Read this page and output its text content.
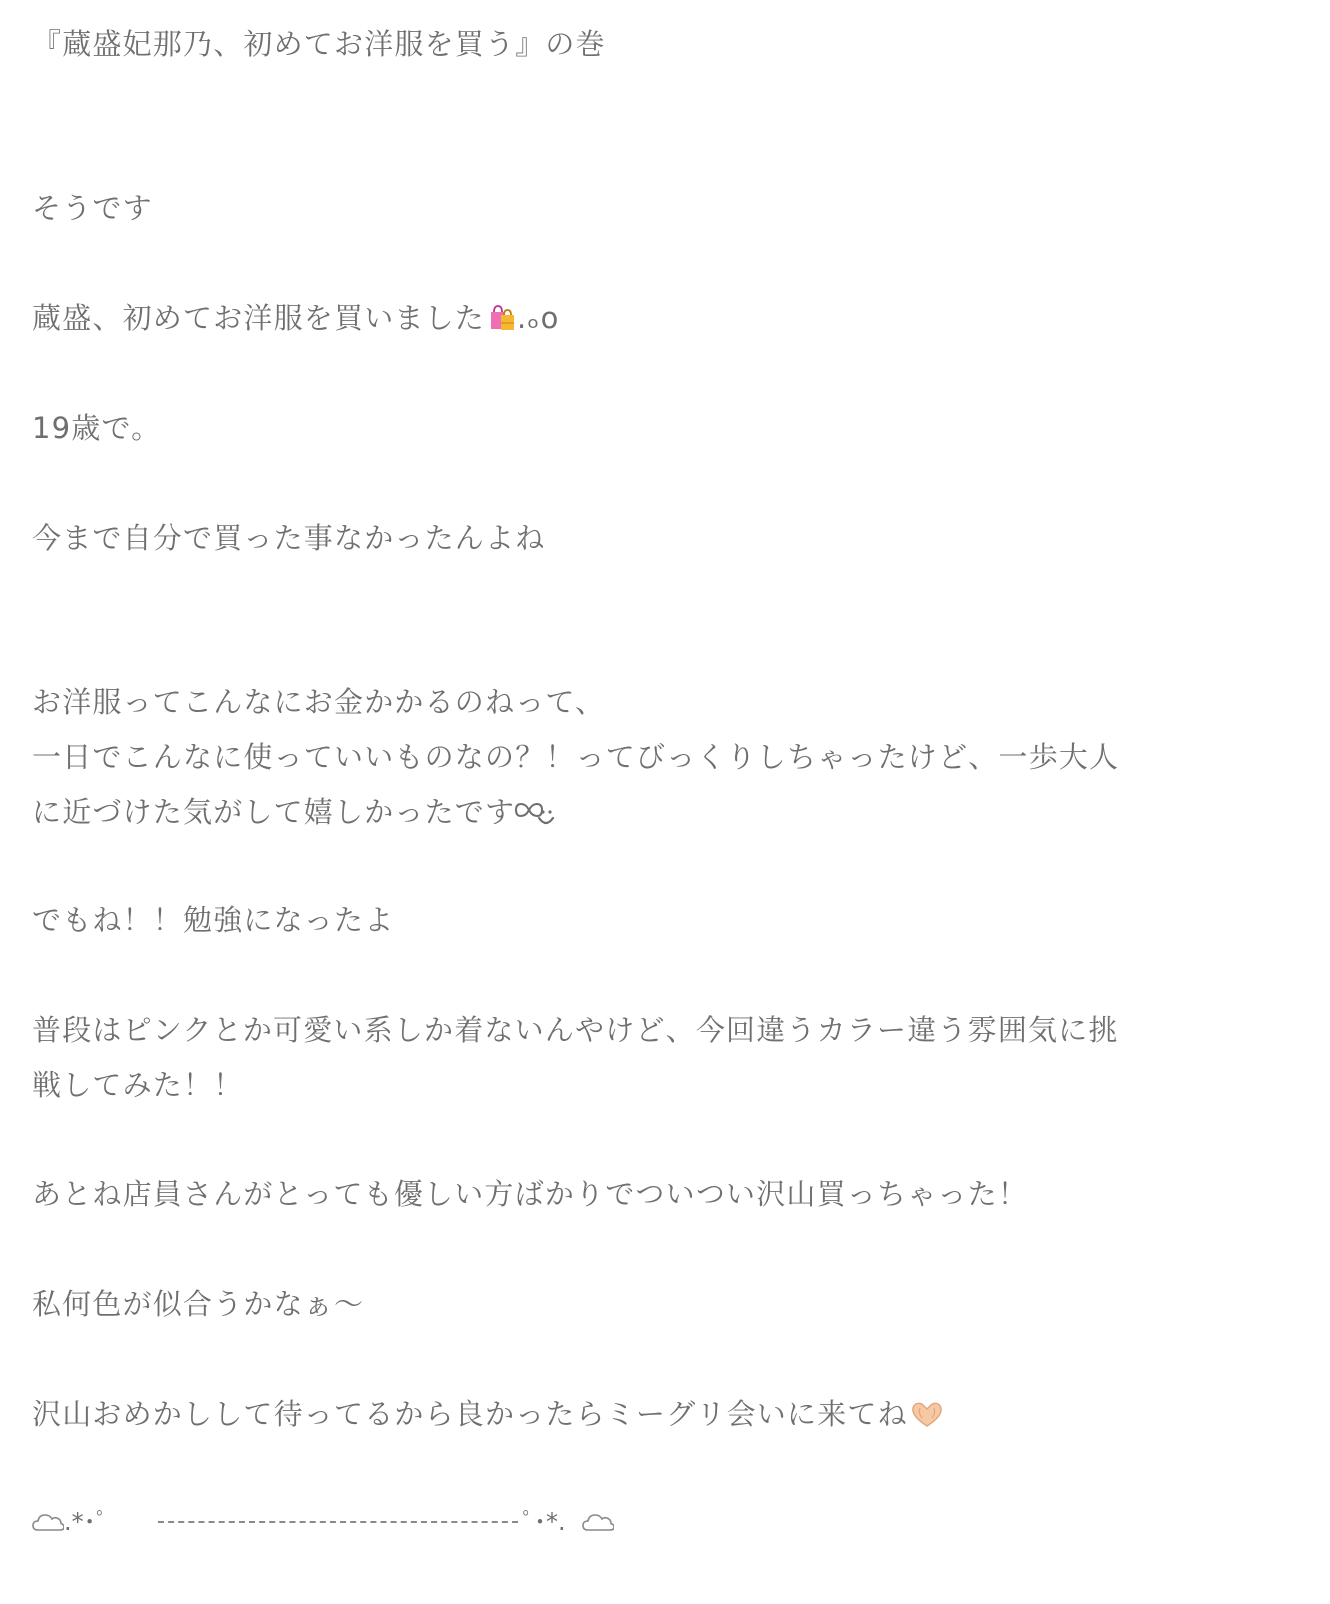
『蔵盛妃那乃、初めてお洋服を買う』の巻
そうです
蔵盛、初めてお洋服を買いました .ₒo
19歳で。
今まで自分で買った事なかったんよね
お洋服ってこんなにお金かかるのねって、
一日でこんなに使っていいものなの？！ってびっくりしちゃったけど、一歩大人
に近づけた気がして嬉しかったです
でもね！！勉強になったよ
普段はピンクとか可愛い系しか着ないんやけど、今回違うカラー違う雰囲気に挑
戦してみた！！
あとね店員さんがとっても優しい方ばかりでついつい沢山買っちゃった！
私何色が似合うかなぁ〜
沢山おめかしして待ってるから良かったらミーグリ会いに来てね
.*･ﾟ	ﾟ･*.
